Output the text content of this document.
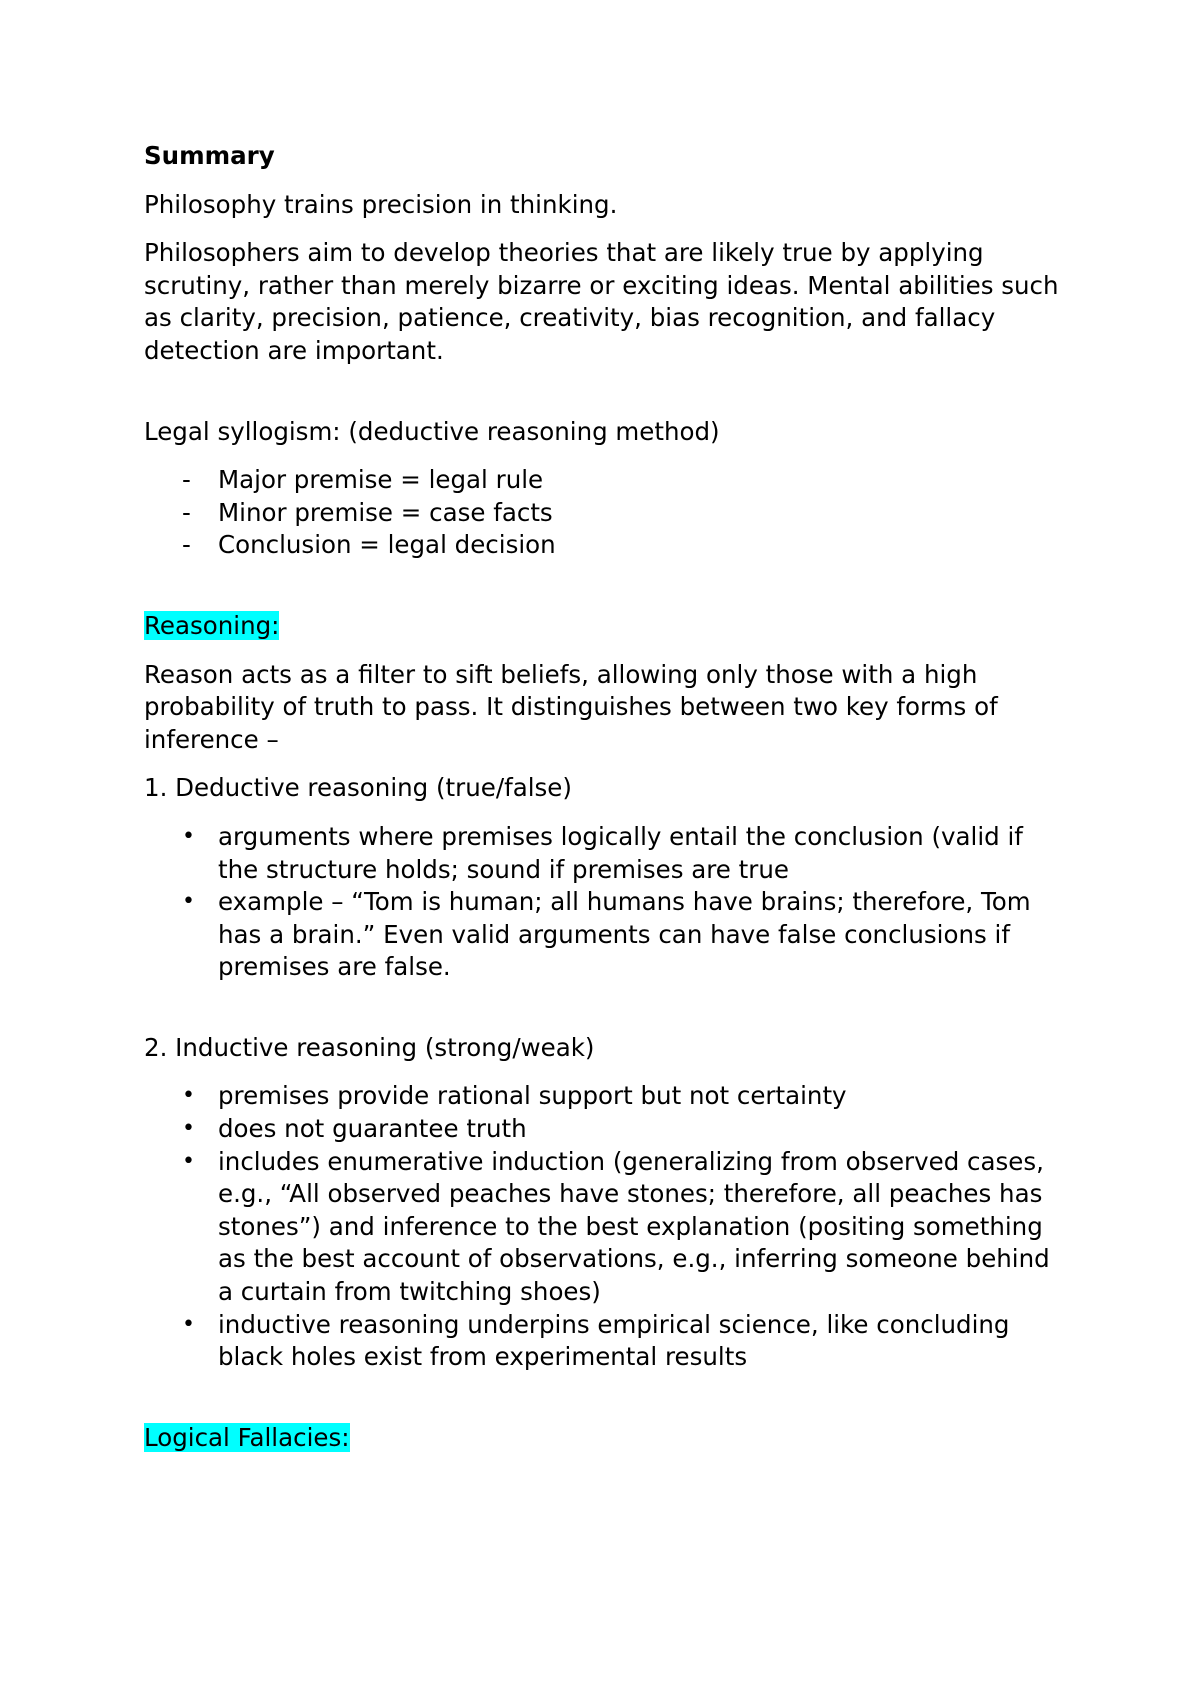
Summary

Philosophy trains precision in thinking.

Philosophers aim to develop theories that are likely true by applying scrutiny, rather than merely bizarre or exciting ideas. Mental abilities such as clarity, precision, patience, creativity, bias recognition, and fallacy detection are important.

Legal syllogism: (deductive reasoning method)

- Major premise = legal rule
- Minor premise = case facts
- Conclusion = legal decision

Reasoning:

Reason acts as a filter to sift beliefs, allowing only those with a high probability of truth to pass. It distinguishes between two key forms of inference –

1. Deductive reasoning (true/false)

• arguments where premises logically entail the conclusion (valid if the structure holds; sound if premises are true
• example – “Tom is human; all humans have brains; therefore, Tom has a brain.” Even valid arguments can have false conclusions if premises are false.

2. Inductive reasoning (strong/weak)

• premises provide rational support but not certainty
• does not guarantee truth
• includes enumerative induction (generalizing from observed cases, e.g., “All observed peaches have stones; therefore, all peaches has stones”) and inference to the best explanation (positing something as the best account of observations, e.g., inferring someone behind a curtain from twitching shoes)
• inductive reasoning underpins empirical science, like concluding black holes exist from experimental results

Logical Fallacies:
